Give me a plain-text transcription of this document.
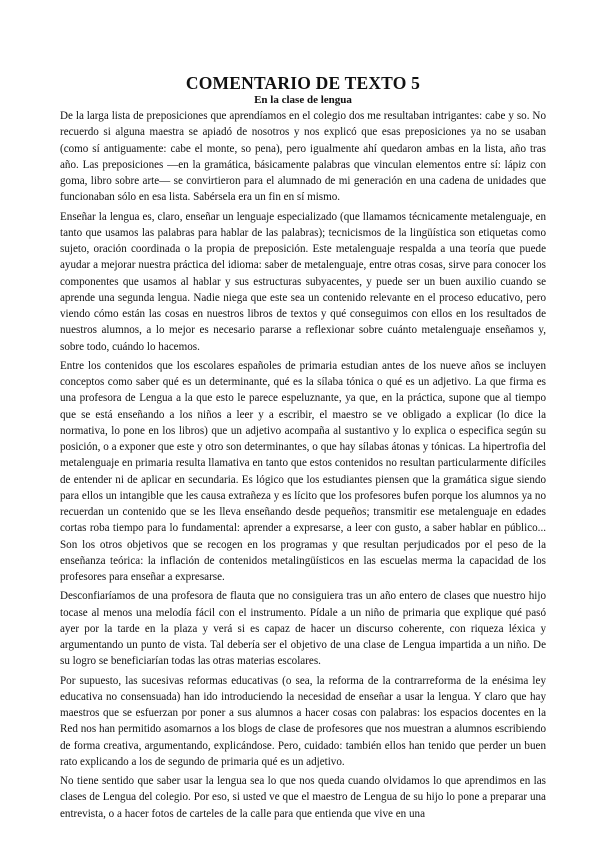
COMENTARIO DE TEXTO 5
En la clase de lengua

De la larga lista de preposiciones que aprendíamos en el colegio dos me resultaban intrigantes: cabe y so. No recuerdo si alguna maestra se apiadó de nosotros y nos explicó que esas preposiciones ya no se usaban (como sí antiguamente: cabe el monte, so pena), pero igualmente ahí quedaron ambas en la lista, año tras año. Las preposiciones —en la gramática, básicamente palabras que vinculan elementos entre sí: lápiz con goma, libro sobre arte— se convirtieron para el alumnado de mi generación en una cadena de unidades que funcionaban sólo en esa lista. Sabérsela era un fin en sí mismo.

Enseñar la lengua es, claro, enseñar un lenguaje especializado (que llamamos técnicamente metalenguaje, en tanto que usamos las palabras para hablar de las palabras); tecnicismos de la lingüística son etiquetas como sujeto, oración coordinada o la propia de preposición. Este metalenguaje respalda a una teoría que puede ayudar a mejorar nuestra práctica del idioma: saber de metalenguaje, entre otras cosas, sirve para conocer los componentes que usamos al hablar y sus estructuras subyacentes, y puede ser un buen auxilio cuando se aprende una segunda lengua. Nadie niega que este sea un contenido relevante en el proceso educativo, pero viendo cómo están las cosas en nuestros libros de textos y qué conseguimos con ellos en los resultados de nuestros alumnos, a lo mejor es necesario pararse a reflexionar sobre cuánto metalenguaje enseñamos y, sobre todo, cuándo lo hacemos.

Entre los contenidos que los escolares españoles de primaria estudian antes de los nueve años se incluyen conceptos como saber qué es un determinante, qué es la sílaba tónica o qué es un adjetivo. La que firma es una profesora de Lengua a la que esto le parece espeluznante, ya que, en la práctica, supone que al tiempo que se está enseñando a los niños a leer y a escribir, el maestro se ve obligado a explicar (lo dice la normativa, lo pone en los libros) que un adjetivo acompaña al sustantivo y lo explica o especifica según su posición, o a exponer que este y otro son determinantes, o que hay sílabas átonas y tónicas. La hipertrofia del metalenguaje en primaria resulta llamativa en tanto que estos contenidos no resultan particularmente difíciles de entender ni de aplicar en secundaria. Es lógico que los estudiantes piensen que la gramática sigue siendo para ellos un intangible que les causa extrañeza y es lícito que los profesores bufen porque los alumnos ya no recuerdan un contenido que se les lleva enseñando desde pequeños; transmitir ese metalenguaje en edades cortas roba tiempo para lo fundamental: aprender a expresarse, a leer con gusto, a saber hablar en público... Son los otros objetivos que se recogen en los programas y que resultan perjudicados por el peso de la enseñanza teórica: la inflación de contenidos metalingüísticos en las escuelas merma la capacidad de los profesores para enseñar a expresarse.

Desconfiaríamos de una profesora de flauta que no consiguiera tras un año entero de clases que nuestro hijo tocase al menos una melodía fácil con el instrumento. Pídale a un niño de primaria que explique qué pasó ayer por la tarde en la plaza y verá si es capaz de hacer un discurso coherente, con riqueza léxica y argumentando un punto de vista. Tal debería ser el objetivo de una clase de Lengua impartida a un niño. De su logro se beneficiarían todas las otras materias escolares.

Por supuesto, las sucesivas reformas educativas (o sea, la reforma de la contrarreforma de la enésima ley educativa no consensuada) han ido introduciendo la necesidad de enseñar a usar la lengua. Y claro que hay maestros que se esfuerzan por poner a sus alumnos a hacer cosas con palabras: los espacios docentes en la Red nos han permitido asomarnos a los blogs de clase de profesores que nos muestran a alumnos escribiendo de forma creativa, argumentando, explicándose. Pero, cuidado: también ellos han tenido que perder un buen rato explicando a los de segundo de primaria qué es un adjetivo.

No tiene sentido que saber usar la lengua sea lo que nos queda cuando olvidamos lo que aprendimos en las clases de Lengua del colegio. Por eso, si usted ve que el maestro de Lengua de su hijo lo pone a preparar una entrevista, o a hacer fotos de carteles de la calle para que entienda que vive en una
